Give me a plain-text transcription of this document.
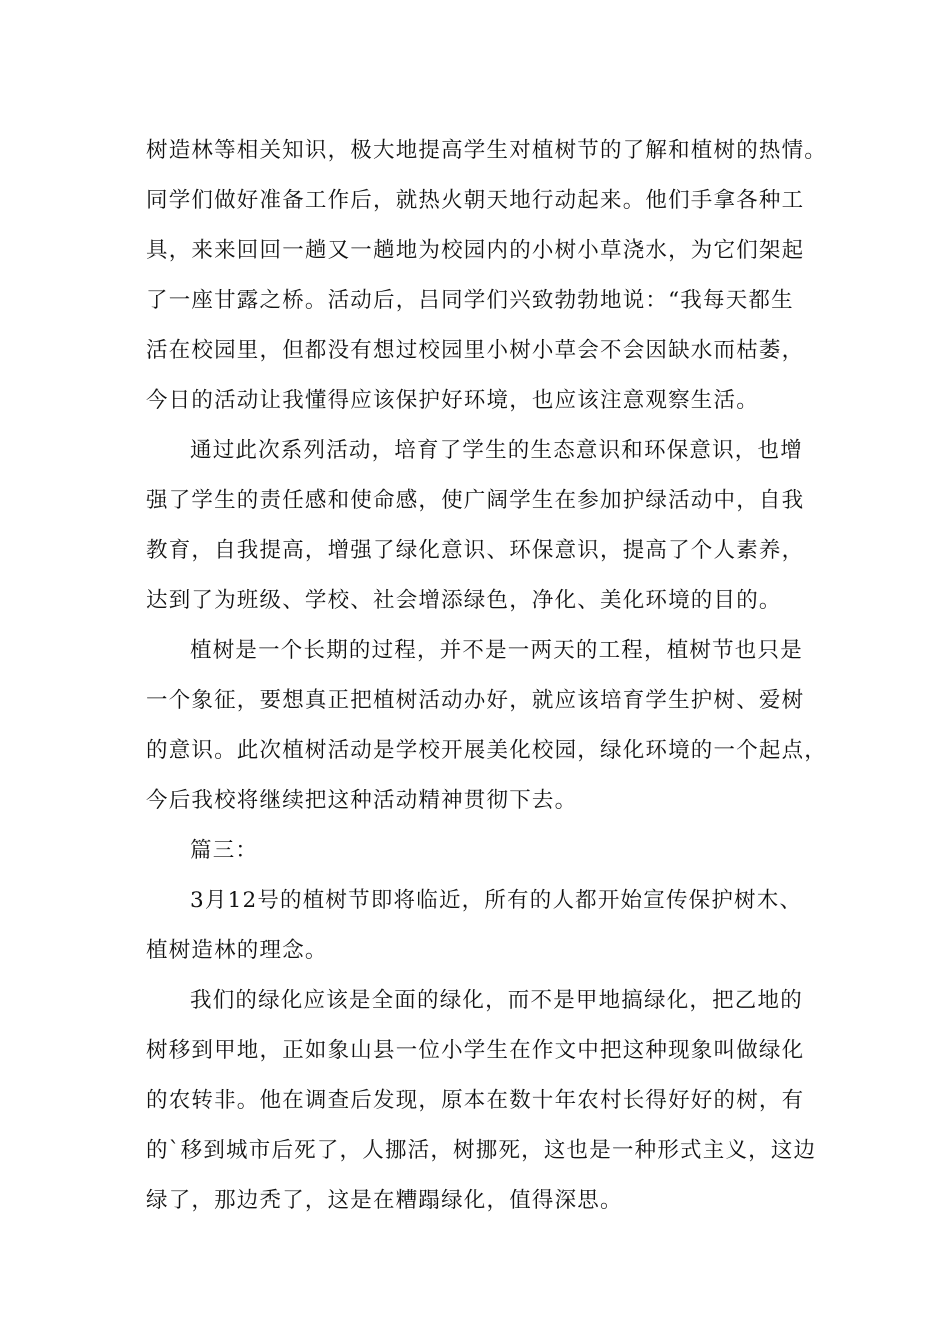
树造林等相关知识，极大地提高学生对植树节的了解和植树的热情。
同学们做好准备工作后，就热火朝天地行动起来。他们手拿各种工
具，来来回回一趟又一趟地为校园内的小树小草浇水，为它们架起
了一座甘露之桥。活动后，吕同学们兴致勃勃地说：“我每天都生
活在校园里，但都没有想过校园里小树小草会不会因缺水而枯萎，
今日的活动让我懂得应该保护好环境，也应该注意观察生活。
通过此次系列活动，培育了学生的生态意识和环保意识，也增
强了学生的责任感和使命感，使广阔学生在参加护绿活动中，自我
教育，自我提高，增强了绿化意识、环保意识，提高了个人素养，
达到了为班级、学校、社会增添绿色，净化、美化环境的目的。
植树是一个长期的过程，并不是一两天的工程，植树节也只是
一个象征，要想真正把植树活动办好，就应该培育学生护树、爱树
的意识。此次植树活动是学校开展美化校园，绿化环境的一个起点，
今后我校将继续把这种活动精神贯彻下去。
篇三：
3月12号的植树节即将临近，所有的人都开始宣传保护树木、
植树造林的理念。
我们的绿化应该是全面的绿化，而不是甲地搞绿化，把乙地的
树移到甲地，正如象山县一位小学生在作文中把这种现象叫做绿化
的农转非。他在调查后发现，原本在数十年农村长得好好的树，有
的`移到城市后死了，人挪活，树挪死，这也是一种形式主义，这边
绿了，那边秃了，这是在糟蹋绿化，值得深思。
